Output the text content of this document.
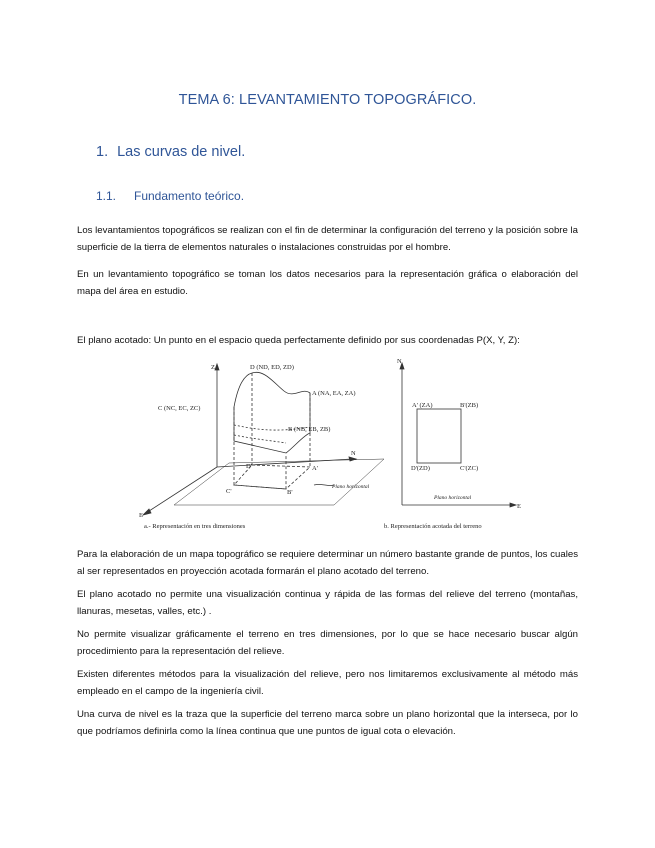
TEMA 6: LEVANTAMIENTO TOPOGRÁFICO.
1. Las curvas de nivel.
1.1. Fundamento teórico.

Los levantamientos topográficos se realizan con el fin de determinar la configuración del terreno y la posición sobre la superficie de la tierra de elementos naturales o instalaciones construidas por el hombre.

En un levantamiento topográfico se toman los datos necesarios para la representación gráfica o elaboración del mapa del área en estudio.

El plano acotado: Un punto en el espacio queda perfectamente definido por sus coordenadas P(X, Y, Z):

Z
N
E
D (ND, ED, ZD)
C (NC, EC, ZC)
A (NA, EA, ZA)
B (NB, EB, ZB)
D'	A'
C'	B'
Plano horizontal
a.- Representación en tres dimensiones
N
E
A' (ZA)	B'(ZB)
D'(ZD)	C'(ZC)
Plano horizontal
b. Representación acotada del terreno

Para la elaboración de un mapa topográfico se requiere determinar un número bastante grande de puntos, los cuales al ser representados en proyección acotada formarán el plano acotado del terreno.

El plano acotado no permite una visualización continua y rápida de las formas del relieve del terreno (montañas, llanuras, mesetas, valles, etc.) .

No permite visualizar gráficamente el terreno en tres dimensiones, por lo que se hace necesario buscar algún procedimiento para la representación del relieve.

Existen diferentes métodos para la visualización del relieve, pero nos limitaremos exclusivamente al método más empleado en el campo de la ingeniería civil.

Una curva de nivel es la traza que la superficie del terreno marca sobre un plano horizontal que la interseca, por lo que podríamos definirla como la línea continua que une puntos de igual cota o elevación.
